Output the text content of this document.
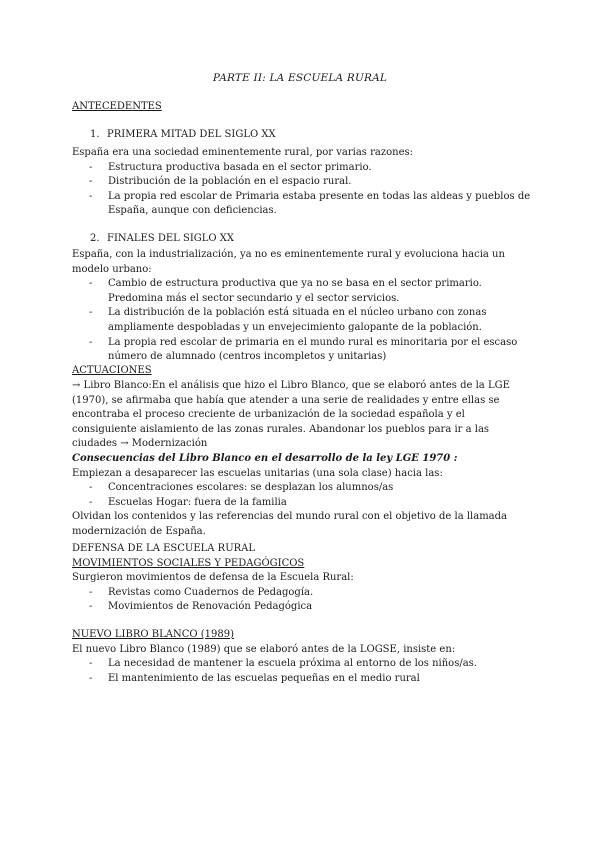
PARTE II: LA ESCUELA RURAL
ANTECEDENTES
1. PRIMERA MITAD DEL SIGLO XX

España era una sociedad eminentemente rural, por varias razones:

- Estructura productiva basada en el sector primario.
- Distribución de la población en el espacio rural.
- La propia red escolar de Primaria estaba presente en todas las aldeas y pueblos de España, aunque con deficiencias.
2. FINALES DEL SIGLO XX

España, con la industrialización, ya no es eminentemente rural y evoluciona hacia un modelo urbano:

- Cambio de estructura productiva que ya no se basa en el sector primario. Predomina más el sector secundario y el sector servicios.
- La distribución de la población está situada en el núcleo urbano con zonas ampliamente despobladas y un envejecimiento galopante de la población.
- La propia red escolar de primaria en el mundo rural es minoritaria por el escaso número de alumnado (centros incompletos y unitarias)
ACTUACIONES

→ Libro Blanco:En el análisis que hizo el Libro Blanco, que se elaboró antes de la LGE (1970), se afirmaba que había que atender a una serie de realidades y entre ellas se encontraba el proceso creciente de urbanización de la sociedad española y el consiguiente aislamiento de las zonas rurales. Abandonar los pueblos para ir a las ciudades → Modernización

Consecuencias del Libro Blanco en el desarrollo de la ley LGE 1970 :

Empiezan a desaparecer las escuelas unitarias (una sola clase) hacia las:

- Concentraciones escolares: se desplazan los alumnos/as
- Escuelas Hogar: fuera de la familia

Olvidan los contenidos y las referencias del mundo rural con el objetivo de la llamada modernización de España.

DEFENSA DE LA ESCUELA RURAL

MOVIMIENTOS SOCIALES Y PEDAGÓGICOS

Surgieron movimientos de defensa de la Escuela Rural:

- Revistas como Cuadernos de Pedagogía.
- Movimientos de Renovación Pedagógica

NUEVO LIBRO BLANCO (1989)

El nuevo Libro Blanco (1989) que se elaboró antes de la LOGSE, insiste en:

- La necesidad de mantener la escuela próxima al entorno de los niños/as.
- El mantenimiento de las escuelas pequeñas en el medio rural
